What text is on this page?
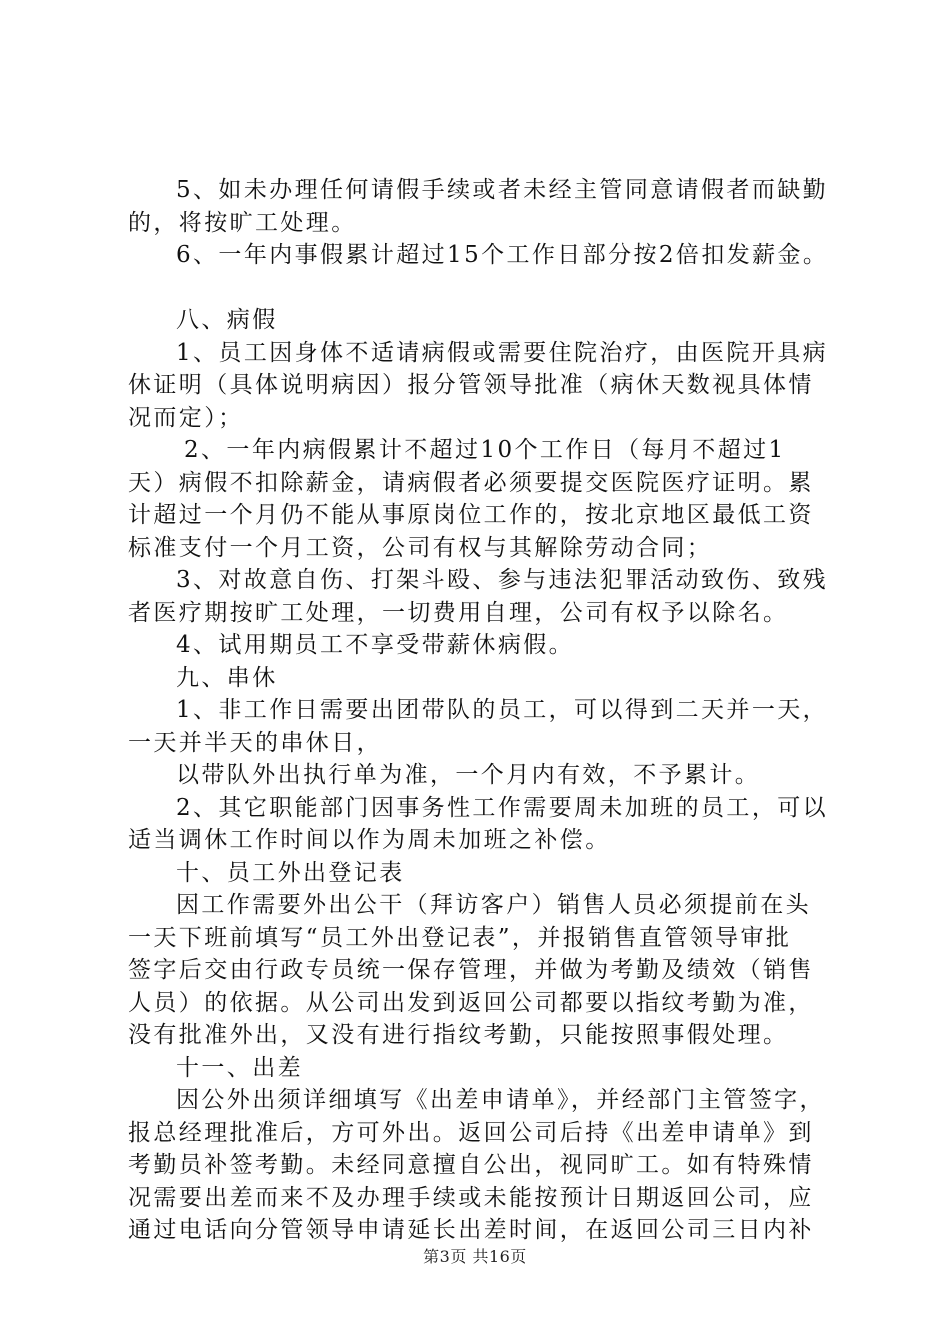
5、如未办理任何请假手续或者未经主管同意请假者而缺勤
的，将按旷工处理。
6、一年内事假累计超过15个工作日部分按2倍扣发薪金。
八、病假
1、员工因身体不适请病假或需要住院治疗，由医院开具病
休证明（具体说明病因）报分管领导批准（病休天数视具体情
况而定）；
2、一年内病假累计不超过10个工作日（每月不超过1
天）病假不扣除薪金，请病假者必须要提交医院医疗证明。累
计超过一个月仍不能从事原岗位工作的，按北京地区最低工资
标准支付一个月工资，公司有权与其解除劳动合同；
3、对故意自伤、打架斗殴、参与违法犯罪活动致伤、致残
者医疗期按旷工处理，一切费用自理，公司有权予以除名。
4、试用期员工不享受带薪休病假。
九、串休
1、非工作日需要出团带队的员工，可以得到二天并一天，
一天并半天的串休日，
以带队外出执行单为准，一个月内有效，不予累计。
2、其它职能部门因事务性工作需要周未加班的员工，可以
适当调休工作时间以作为周未加班之补偿。
十、员工外出登记表
因工作需要外出公干（拜访客户）销售人员必须提前在头
一天下班前填写“员工外出登记表”，并报销售直管领导审批
签字后交由行政专员统一保存管理，并做为考勤及绩效（销售
人员）的依据。从公司出发到返回公司都要以指纹考勤为准，
没有批准外出，又没有进行指纹考勤，只能按照事假处理。
十一、出差
因公外出须详细填写《出差申请单》，并经部门主管签字，
报总经理批准后，方可外出。返回公司后持《出差申请单》到
考勤员补签考勤。未经同意擅自公出，视同旷工。如有特殊情
况需要出差而来不及办理手续或未能按预计日期返回公司，应
通过电话向分管领导申请延长出差时间，在返回公司三日内补
第3页 共16页
